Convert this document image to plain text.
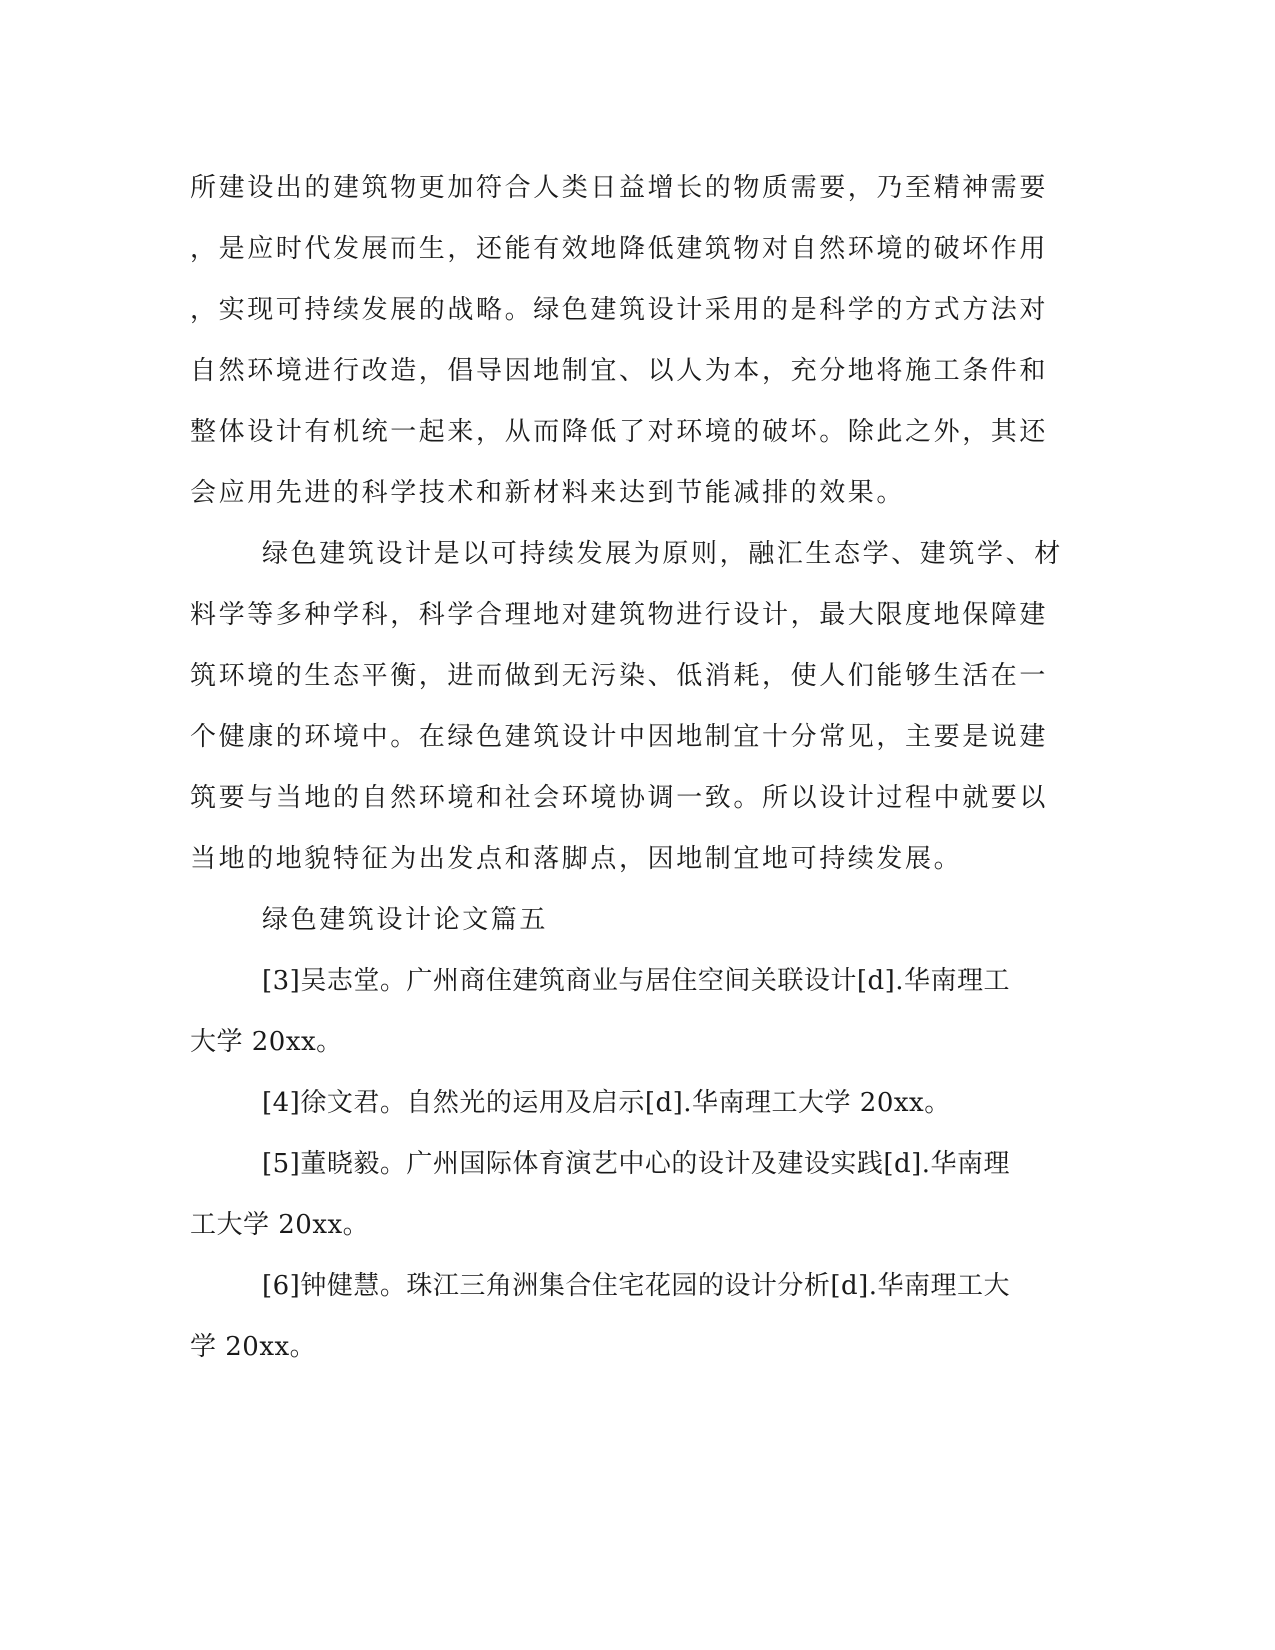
所建设出的建筑物更加符合人类日益增长的物质需要，乃至精神需要
，是应时代发展而生，还能有效地降低建筑物对自然环境的破坏作用
，实现可持续发展的战略。绿色建筑设计采用的是科学的方式方法对
自然环境进行改造，倡导因地制宜、以人为本，充分地将施工条件和
整体设计有机统一起来，从而降低了对环境的破坏。除此之外，其还
会应用先进的科学技术和新材料来达到节能减排的效果。
绿色建筑设计是以可持续发展为原则，融汇生态学、建筑学、材
料学等多种学科，科学合理地对建筑物进行设计，最大限度地保障建
筑环境的生态平衡，进而做到无污染、低消耗，使人们能够生活在一
个健康的环境中。在绿色建筑设计中因地制宜十分常见，主要是说建
筑要与当地的自然环境和社会环境协调一致。所以设计过程中就要以
当地的地貌特征为出发点和落脚点，因地制宜地可持续发展。
绿色建筑设计论文篇五
[3]吴志堂。广州商住建筑商业与居住空间关联设计[d].华南理工
大学 20xx。
[4]徐文君。自然光的运用及启示[d].华南理工大学 20xx。
[5]董晓毅。广州国际体育演艺中心的设计及建设实践[d].华南理
工大学 20xx。
[6]钟健慧。珠江三角洲集合住宅花园的设计分析[d].华南理工大
学 20xx。
